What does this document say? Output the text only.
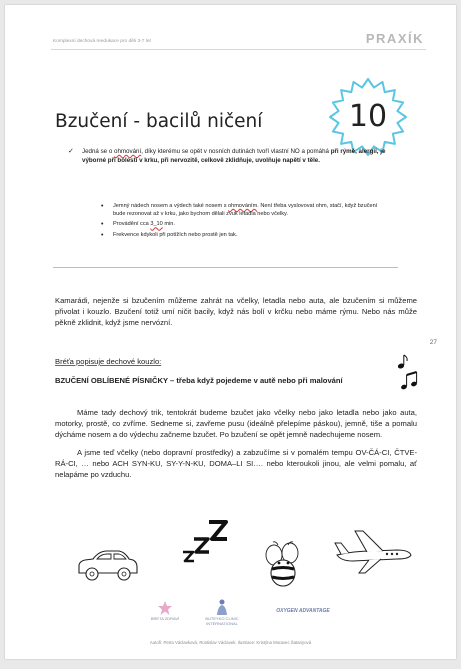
Komplexní dechová reedukace pro děti 3-7 let	PRAXÍK
Bzučení - bacilů ničení	10
✓ Jedná se o ohmování, díky kterému se opět v nosních dutinách tvoří vlastní NO a pomáhá při rýmě, alergii, je výborné při bolesti v krku, při nervozitě, celkově zklidňuje, uvolňuje napětí v těle.

• Jemný nádech nosem a výdech také nosem s ohmováním. Není třeba vyslovovat ohm, stačí, když bzučení bude rezonovat až v krku, jako bychom dělali zvuk letadla nebo včelky.
• Provádění cca 3_10 min.
• Frekvence kdykoli při potížích nebo prostě jen tak.
Kamarádi, nejenže si bzučením můžeme zahrát na včelky, letadla nebo auta, ale bzučením si můžeme přivolat i kouzlo. Bzučení totiž umí ničit bacily, když nás bolí v krčku nebo máme rýmu. Nebo nás může pěkně zklidnit, když jsme nervózní.
27
Bréťa popisuje dechové kouzlo:
BZUČENÍ OBLÍBENÉ PÍSNIČKY – třeba když pojedeme v autě nebo při malování

Máme tady dechový trik, tentokrát budeme bzučet jako včelky nebo jako letadla nebo jako auta, motorky, prostě, co zvříme. Sedneme si, zavřeme pusu (ideálně přelepíme páskou), jemně, tiše a pomalu dýcháme nosem a do výdechu začneme bzučet. Po bzučení se opět jemně nadechujeme nosem.

A jsme teď včelky (nebo dopravní prostředky) a zabzučíme si v pomalém tempu OV-ČÁ-CI, ČTVE-RÁ-CI, … nebo ACH SYN-KU, SY-Y-N-KU, DOMA–LI SI…. nebo kteroukoli jinou, ale velmi pomalu, ať nelapáme po vzduchu.

BRETA ZDRAVÍ	BUTEYKO CLINIC INTERNATIONAL
OXYGEN ADVANTAGE
Autoři: Petra Václavková, Rostislav Václavek. Ilustrace: Kristýna Moravec Šatanyová
